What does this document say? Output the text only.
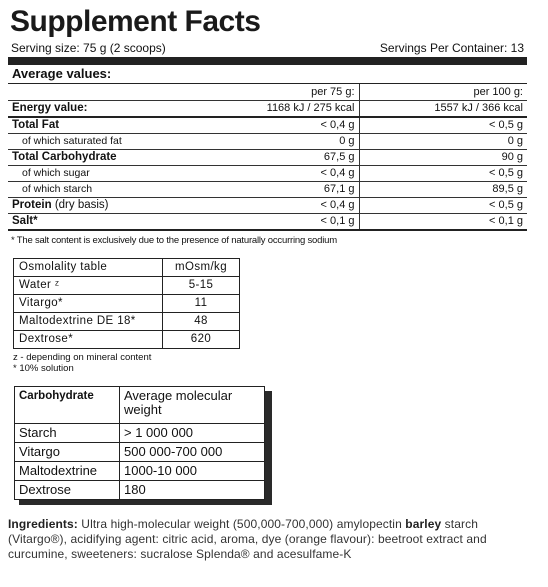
Supplement Facts
Serving size: 75 g (2 scoops)	Servings Per Container: 13
Average values:
	per 75 g:	per 100 g:
Energy value:	1168 kJ / 275 kcal	1557 kJ / 366 kcal
Total Fat	< 0,4 g	< 0,5 g
of which saturated fat	0 g	0 g
Total Carbohydrate	67,5 g	90 g
of which sugar	< 0,4 g	< 0,5 g
of which starch	67,1 g	89,5 g
Protein (dry basis)	< 0,4 g	< 0,5 g
Salt*	< 0,1 g	< 0,1 g
* The salt content is exclusively due to the presence of naturally occurring sodium
Osmolality table	mOsm/kg
Water ᶻ	5-15
Vitargo*	11
Maltodextrine DE 18*	48
Dextrose*	620
z - depending on mineral content
* 10% solution
Carbohydrate	Average molecular weight
Starch	> 1 000 000
Vitargo	500 000-700 000
Maltodextrine	1000-10 000
Dextrose	180
Ingredients: Ultra high-molecular weight (500,000-700,000) amylopectin barley starch (Vitargo®), acidifying agent: citric acid, aroma, dye (orange flavour): beetroot extract and curcumine, sweeteners: sucralose Splenda® and acesulfame-K
